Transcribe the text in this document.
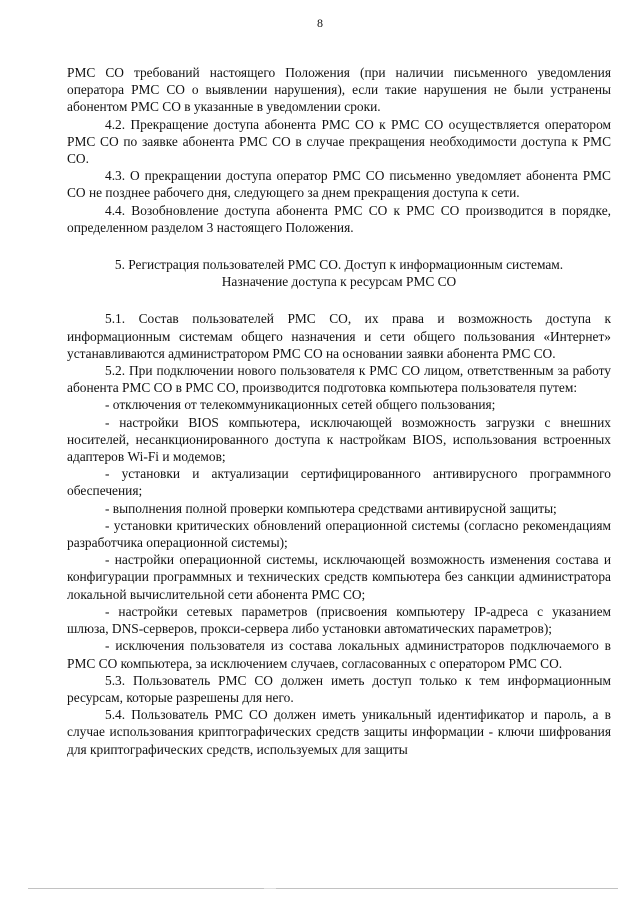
8

РМС СО требований настоящего Положения (при наличии письменного уведомления оператора РМС СО о выявлении нарушения), если такие нарушения не были устранены абонентом РМС СО в указанные в уведомлении сроки.

4.2. Прекращение доступа абонента РМС СО к РМС СО осуществляется оператором РМС СО по заявке абонента РМС СО в случае прекращения необходимости доступа к РМС СО.

4.3. О прекращении доступа оператор РМС СО письменно уведомляет абонента РМС СО не позднее рабочего дня, следующего за днем прекращения доступа к сети.

4.4. Возобновление доступа абонента РМС СО к РМС СО производится в порядке, определенном разделом 3 настоящего Положения.

5. Регистрация пользователей РМС СО. Доступ к информационным системам.
Назначение доступа к ресурсам РМС СО

5.1. Состав пользователей РМС СО, их права и возможность доступа к информационным системам общего назначения и сети общего пользования «Интернет» устанавливаются администратором РМС СО на основании заявки абонента РМС СО.

5.2. При подключении нового пользователя к РМС СО лицом, ответственным за работу абонента РМС СО в РМС СО, производится подготовка компьютера пользователя путем:

- отключения от телекоммуникационных сетей общего пользования;

- настройки BIOS компьютера, исключающей возможность загрузки с внешних носителей, несанкционированного доступа к настройкам BIOS, использования встроенных адаптеров Wi-Fi и модемов;

- установки и актуализации сертифицированного антивирусного программного обеспечения;

- выполнения полной проверки компьютера средствами антивирусной защиты;

- установки критических обновлений операционной системы (согласно рекомендациям разработчика операционной системы);

- настройки операционной системы, исключающей возможность изменения состава и конфигурации программных и технических средств компьютера без санкции администратора локальной вычислительной сети абонента РМС СО;

- настройки сетевых параметров (присвоения компьютеру IP-адреса с указанием шлюза, DNS-серверов, прокси-сервера либо установки автоматических параметров);

- исключения пользователя из состава локальных администраторов подключаемого в РМС СО компьютера, за исключением случаев, согласованных с оператором РМС СО.

5.3. Пользователь РМС СО должен иметь доступ только к тем информационным ресурсам, которые разрешены для него.

5.4. Пользователь РМС СО должен иметь уникальный идентификатор и пароль, а в случае использования криптографических средств защиты информации - ключи шифрования для криптографических средств, используемых для защиты
